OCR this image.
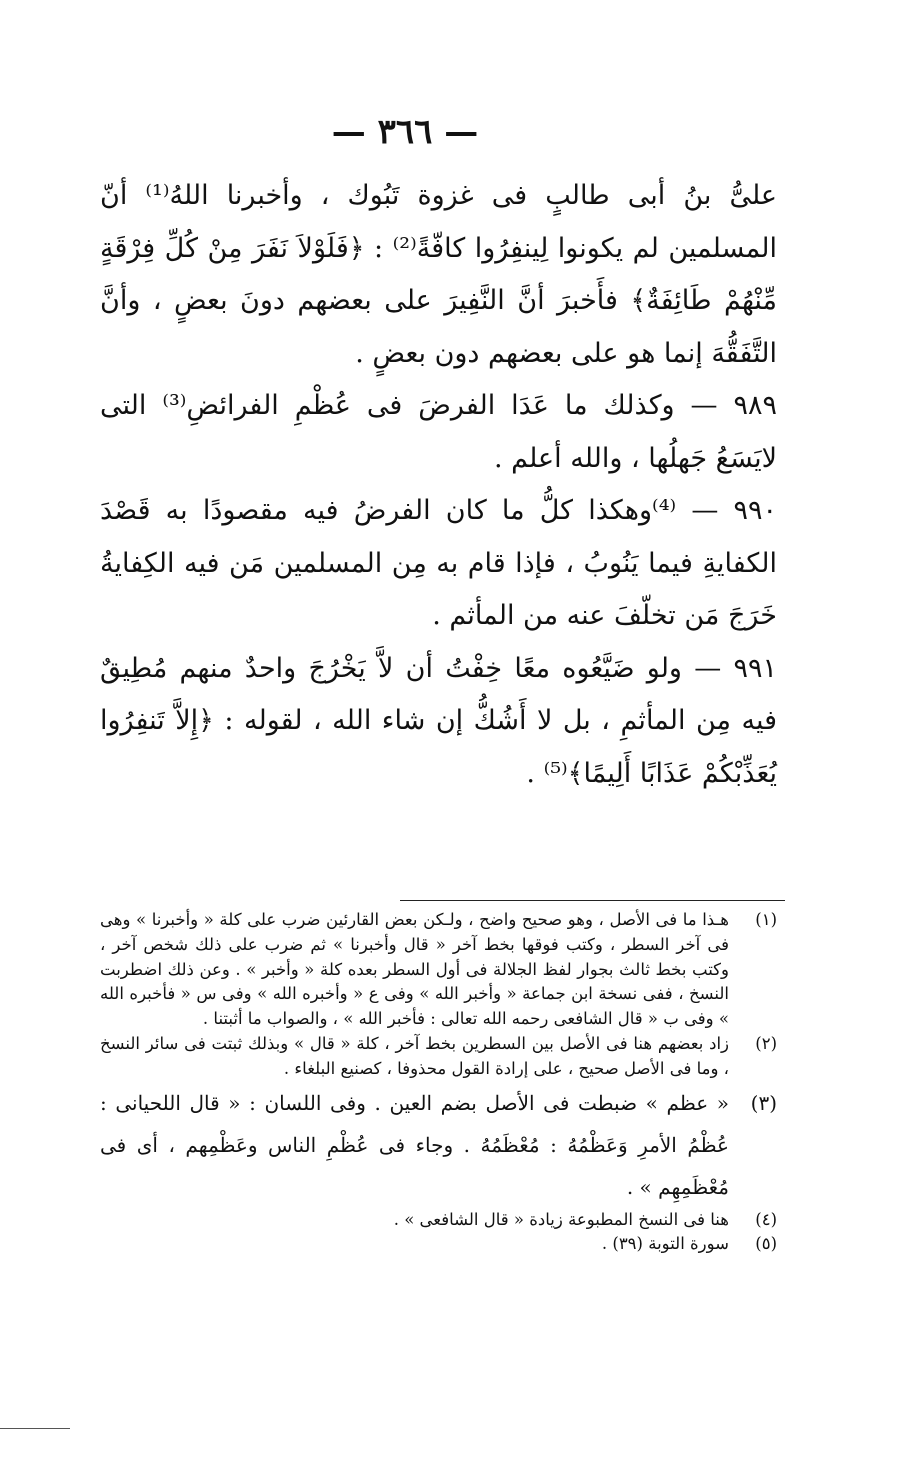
— ٣٦٦ —

علىُّ بنُ أبى طالبٍ فى غزوة تَبُوك ، وأخبرنا اللهُ⁽¹⁾ أنّ المسلمين لم يكونوا لِينفِرُوا كافّةً⁽²⁾ : ﴿فَلَوْلاَ نَفَرَ مِنْ كُلِّ فِرْقَةٍ مِّنْهُمْ طَائِفَةٌ﴾ فأَخبرَ أنَّ النَّفِيرَ على بعضهم دونَ بعضٍ ، وأنَّ التَّفَقُّهَ إنما هو على بعضهم دون بعضٍ .

٩٨٩ — وكذلك ما عَدَا الفرضَ فى عُظْمِ الفرائضِ⁽³⁾ التى لايَسَعُ جَهلُها ، والله أعلم .

٩٩٠ — ⁽⁴⁾وهكذا كلُّ ما كان الفرضُ فيه مقصودًا به قَصْدَ الكفايةِ فيما يَنُوبُ ، فإذا قام به مِن المسلمين مَن فيه الكِفايةُ خَرَجَ مَن تخلّفَ عنه من المأثم .

٩٩١ — ولو ضَيَّعُوه معًا خِفْتُ أن لاَّ يَخْرُجَ واحدٌ منهم مُطِيقٌ فيه مِن المأثمِ ، بل لا أَشُكُّ إن شاء الله ، لقوله : ﴿إِلاَّ تَنفِرُوا يُعَذِّبْكُمْ عَذَابًا أَلِيمًا﴾⁽⁵⁾ .

(١)
هـذا ما فى الأصل ، وهو صحيح واضح ، ولـكن بعض القارئين ضرب على كلة « وأخبرنا » وهى فى آخر السطر ، وكتب فوقها بخط آخر « قال وأخبرنا » ثم ضرب على ذلك شخص آخر ، وكتب بخط ثالث بجوار لفظ الجلالة فى أول السطر بعده كلة « وأخبر » . وعن ذلك اضطربت النسخ ، ففى نسخة ابن جماعة « وأخبر الله » وفى ع « وأخبره الله » وفى س « فأخبره الله » وفى ب « قال الشافعى رحمه الله تعالى : فأخبر الله » ، والصواب ما أثبتنا .
(٢)
زاد بعضهم هنا فى الأصل بين السطرين بخط آخر ، كلة « قال » وبذلك ثبتت فى سائر النسخ ، وما فى الأصل صحيح ، على إرادة القول محذوفا ، كصنيع البلغاء .
(٣)
« عظم » ضبطت فى الأصل بضم العين . وفى اللسان : « قال اللحيانى : عُظْمُ الأمرِ وَعَظْمُهُ : مُعْظَمُهُ . وجاء فى عُظْمِ الناس وعَظْمِهم ، أى فى مُعْظَمِهِم » .
(٤)
هنا فى النسخ المطبوعة زيادة « قال الشافعى » .
(٥)
سورة التوبة (٣٩) .
